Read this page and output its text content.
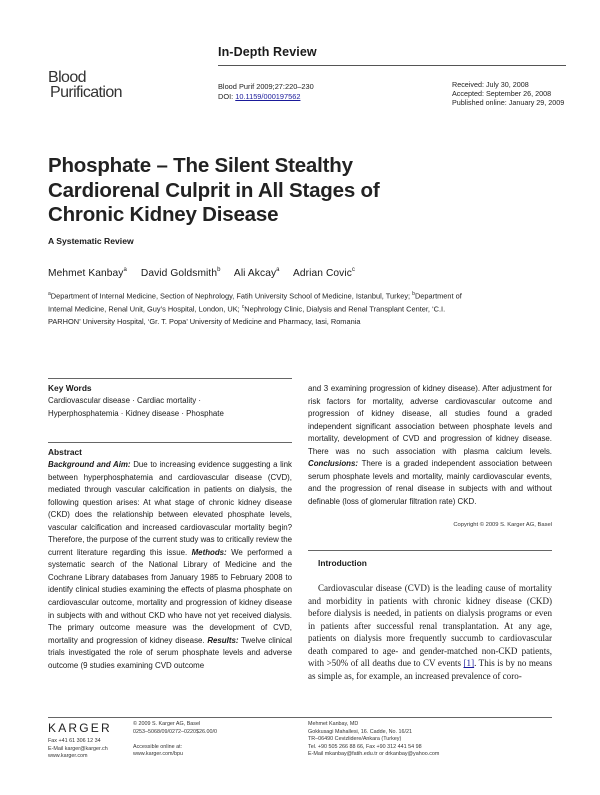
In-Depth Review
Blood
Purification	Blood Purif 2009;27:220–230
DOI: 10.1159/000197562
Received: July 30, 2008
Accepted: September 26, 2008
Published online: January 29, 2009
Phosphate – The Silent Stealthy
Cardiorenal Culprit in All Stages of
Chronic Kidney Disease
A Systematic Review
Mehmet Kanbay$^a$ David Goldsmith$^b$ Ali Akcay$^a$ Adrian Covic$^c$
$^a$Department of Internal Medicine, Section of Nephrology, Fatih University School of Medicine, Istanbul, Turkey; $^b$Department of Internal Medicine, Renal Unit, Guy’s Hospital, London, UK; $^c$Nephrology Clinic, Dialysis and Renal Transplant Center, ‘C.I. PARHON’ University Hospital, ‘Gr. T. Popa’ University of Medicine and Pharmacy, Iasi, Romania
Key Words
Cardiovascular disease · Cardiac mortality ·
Hyperphosphatemia · Kidney disease · Phosphate
Abstract
Background and Aim: Due to increasing evidence suggesting a link between hyperphosphatemia and cardiovascular disease (CVD), mediated through vascular calcification in patients on dialysis, the following question arises: At what stage of chronic kidney disease (CKD) does the relationship between elevated phosphate levels, vascular calcification and increased cardiovascular mortality begin? Therefore, the purpose of the current study was to critically review the current literature regarding this issue. Methods: We performed a systematic search of the National Library of Medicine and the Cochrane Library databases from January 1985 to February 2008 to identify clinical studies examining the effects of plasma phosphate on cardiovascular outcome, mortality and progression of kidney disease in subjects with and without CKD who have not yet received dialysis. The primary outcome measure was the development of CVD, mortality and progression of kidney disease. Results: Twelve clinical trials investigated the role of serum phosphate levels and adverse outcome (9 studies examining CVD outcome
and 3 examining progression of kidney disease). After adjustment for risk factors for mortality, adverse cardiovascular outcome and progression of kidney disease, all studies found a graded independent significant association between phosphate levels and mortality, development of CVD and progression of kidney disease. There was no such association with plasma calcium levels. Conclusions: There is a graded independent association between serum phosphate levels and mortality, mainly cardiovascular events, and the progression of renal disease in subjects with and without definable (loss of glomerular filtration rate) CKD.
Copyright © 2009 S. Karger AG, Basel
Introduction
Cardiovascular disease (CVD) is the leading cause of mortality and morbidity in patients with chronic kidney disease (CKD) before dialysis is needed, in patients on dialysis programs or even in patients after successful renal transplantation. At any age, patients on dialysis more frequently succumb to cardiovascular death compared to age- and gender-matched non-CKD patients, with >50% of all deaths due to CV events [1]. This is by no means as simple as, for example, an increased prevalence of coro-
KARGER
Fax +41 61 306 12 34
E-Mail karger@karger.ch
www.karger.com
© 2009 S. Karger AG, Basel
0253–5068/09/0272–0220$26.00/0

Accessible online at:
www.karger.com/bpu
Mehmet Kanbay, MD
Gokkusagi Mahallesi, 16. Cadde, No. 16/21
TR–06490 Cevizlidere/Ankara (Turkey)
Tel. +90 505 266 88 66, Fax +90 312 441 54 98
E-Mail mkanbay@fatih.edu.tr or drkanbay@yahoo.com
